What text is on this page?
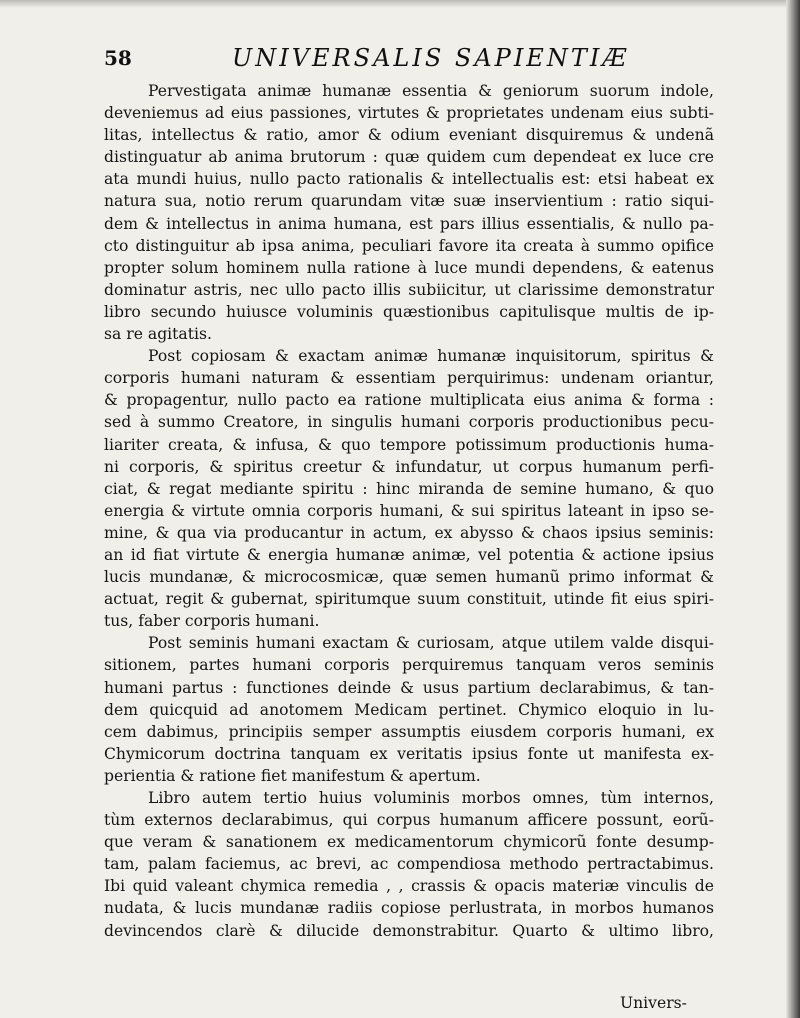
58	UNIVERSALIS SAPIENTIÆ
Pervestigata animæ humanæ essentia & geniorum suorum indole,
deveniemus ad eius passiones, virtutes & proprietates undenam eius subti-
litas, intellectus & ratio, amor & odium eveniant disquiremus & undenã
distinguatur ab anima brutorum : quæ quidem cum dependeat ex luce cre
ata mundi huius, nullo pacto rationalis & intellectualis est: etsi habeat ex
natura sua, notio rerum quarundam vitæ suæ inservientium : ratio siqui-
dem & intellectus in anima humana, est pars illius essentialis, & nullo pa-
cto distinguitur ab ipsa anima, peculiari favore ita creata à summo opifice
propter solum hominem nulla ratione à luce mundi dependens, & eatenus
dominatur astris, nec ullo pacto illis subiicitur, ut clarissime demonstratur
libro secundo huiusce voluminis quæstionibus capitulisque multis de ip-
sa re agitatis.
Post copiosam & exactam animæ humanæ inquisitorum, spiritus &
corporis humani naturam & essentiam perquirimus: undenam oriantur,
& propagentur, nullo pacto ea ratione multiplicata eius anima & forma :
sed à summo Creatore, in singulis humani corporis productionibus pecu-
liariter creata, & infusa, & quo tempore potissimum productionis huma-
ni corporis, & spiritus creetur & infundatur, ut corpus humanum perfi-
ciat, & regat mediante spiritu : hinc miranda de semine humano, & quo
energia & virtute omnia corporis humani, & sui spiritus lateant in ipso se-
mine, & qua via producantur in actum, ex abysso & chaos ipsius seminis:
an id fiat virtute & energia humanæ animæ, vel potentia & actione ipsius
lucis mundanæ, & microcosmicæ, quæ semen humanũ primo informat &
actuat, regit & gubernat, spiritumque suum constituit, utinde fit eius spiri-
tus, faber corporis humani.
Post seminis humani exactam & curiosam, atque utilem valde disqui-
sitionem, partes humani corporis perquiremus tanquam veros seminis
humani partus : functiones deinde & usus partium declarabimus, & tan-
dem quicquid ad anotomem Medicam pertinet. Chymico eloquio in lu-
cem dabimus, principiis semper assumptis eiusdem corporis humani, ex
Chymicorum doctrina tanquam ex veritatis ipsius fonte ut manifesta ex-
perientia & ratione fiet manifestum & apertum.
Libro autem tertio huius voluminis morbos omnes, tùm internos,
tùm externos declarabimus, qui corpus humanum afficere possunt, eorũ-
que veram & sanationem ex medicamentorum chymicorũ fonte desump-
tam, palam faciemus, ac brevi, ac compendiosa methodo pertractabimus.
Ibi quid valeant chymica remedia , , crassis & opacis materiæ vinculis de
nudata, & lucis mundanæ radiis copiose perlustrata, in morbos humanos
devincendos clarè & dilucide demonstrabitur. Quarto & ultimo libro,
Univers-
